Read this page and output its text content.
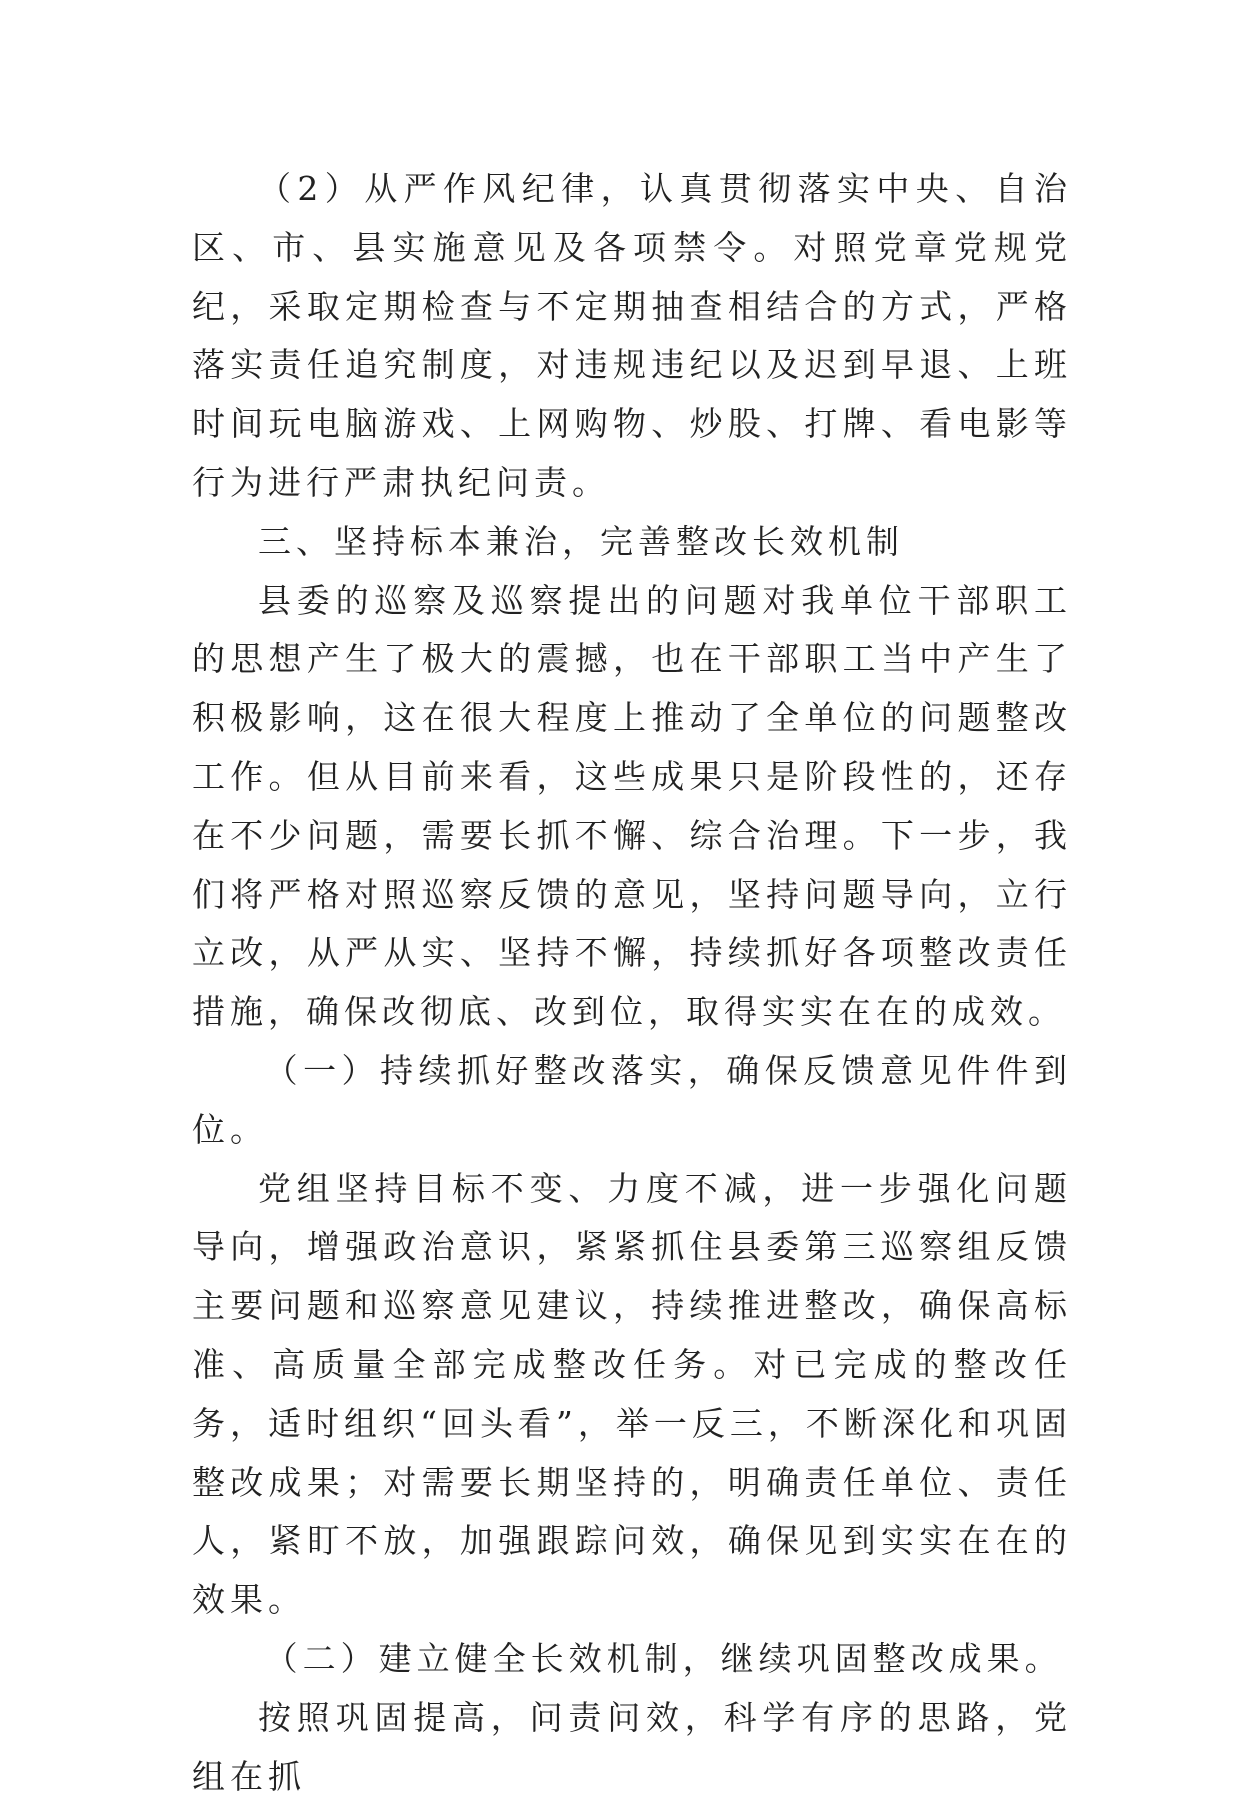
（2）从严作风纪律，认真贯彻落实中央、自治区、市、县实施意见及各项禁令。对照党章党规党纪，采取定期检查与不定期抽查相结合的方式，严格落实责任追究制度，对违规违纪以及迟到早退、上班时间玩电脑游戏、上网购物、炒股、打牌、看电影等行为进行严肃执纪问责。

三、坚持标本兼治，完善整改长效机制

县委的巡察及巡察提出的问题对我单位干部职工的思想产生了极大的震撼，也在干部职工当中产生了积极影响，这在很大程度上推动了全单位的问题整改工作。但从目前来看，这些成果只是阶段性的，还存在不少问题，需要长抓不懈、综合治理。下一步，我们将严格对照巡察反馈的意见，坚持问题导向，立行立改，从严从实、坚持不懈，持续抓好各项整改责任措施，确保改彻底、改到位，取得实实在在的成效。

（一）持续抓好整改落实，确保反馈意见件件到位。

党组坚持目标不变、力度不减，进一步强化问题导向，增强政治意识，紧紧抓住县委第三巡察组反馈主要问题和巡察意见建议，持续推进整改，确保高标准、高质量全部完成整改任务。对已完成的整改任务，适时组织“回头看”，举一反三，不断深化和巩固整改成果；对需要长期坚持的，明确责任单位、责任人，紧盯不放，加强跟踪问效，确保见到实实在在的效果。

（二）建立健全长效机制，继续巩固整改成果。

按照巩固提高，问责问效，科学有序的思路，党组在抓
